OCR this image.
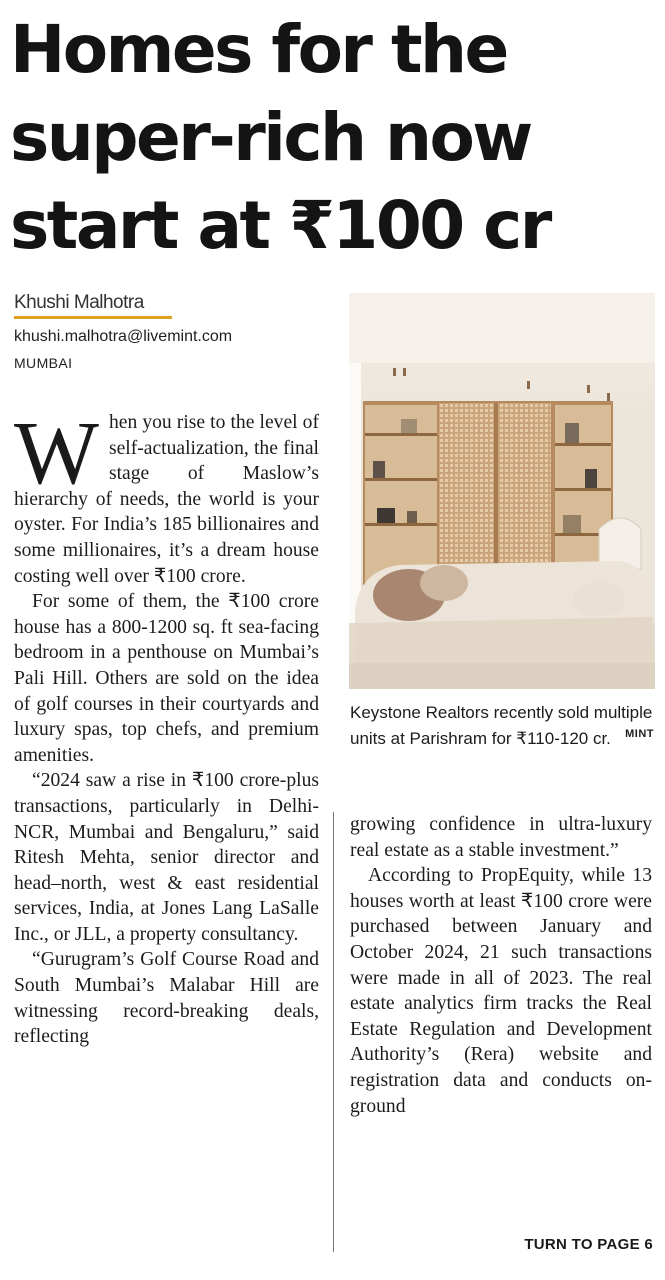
Homes for the
super-rich now
start at ₹100 cr
Khushi Malhotra
khushi.malhotra@livemint.com
MUMBAI

When you rise to the level of self-actualization, the final stage of Maslow’s hierarchy of needs, the world is your oyster. For India’s 185 billionaires and some millionaires, it’s a dream house costing well over ₹100 crore.

For some of them, the ₹100 crore house has a 800-1200 sq. ft sea-facing bedroom in a penthouse on Mumbai’s Pali Hill. Others are sold on the idea of golf courses in their courtyards and luxury spas, top chefs, and premium amenities.

“2024 saw a rise in ₹100 crore-plus transactions, particularly in Delhi-NCR, Mumbai and Bengaluru,” said Ritesh Mehta, senior director and head–north, west & east residential services, India, at Jones Lang LaSalle Inc., or JLL, a property consultancy.

“Gurugram’s Golf Course Road and South Mumbai’s Malabar Hill are witnessing record-breaking deals, reflecting

Keystone Realtors recently sold multiple units at Parishram for ₹110-120 cr. MINT

growing confidence in ultra-luxury real estate as a stable investment.”

According to PropEquity, while 13 houses worth at least ₹100 crore were purchased between January and October 2024, 21 such transactions were made in all of 2023. The real estate analytics firm tracks the Real Estate Regulation and Development Authority’s (Rera) website and registration data and conducts on-ground

TURN TO PAGE 6
